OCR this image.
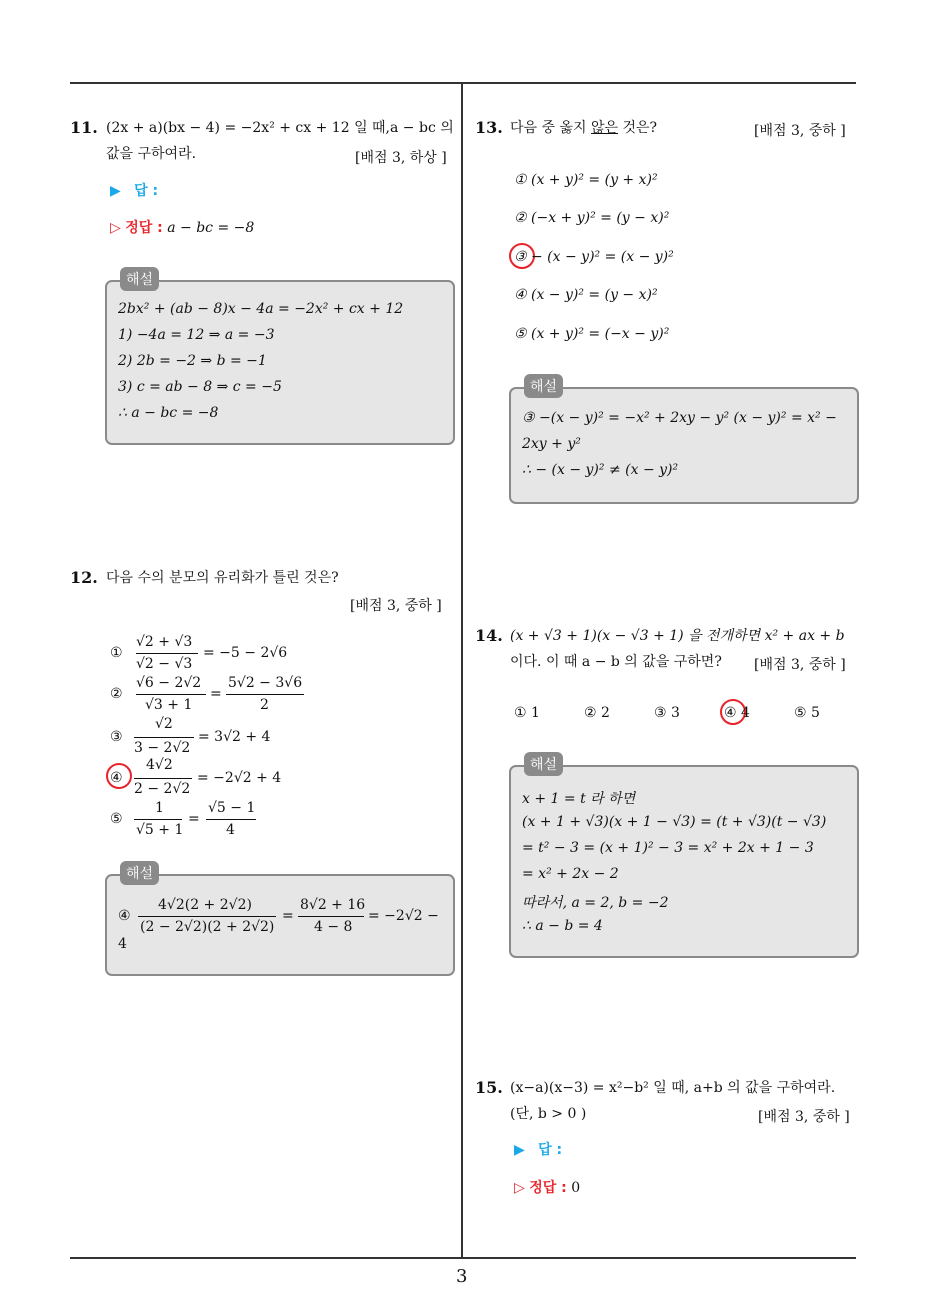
3
11. (2x + a)(bx − 4) = −2x² + cx + 12 일 때,a − bc 의
값을 구하여라.	[배점 3, 하상 ]
▶ 답 :
▷ 정답 : a − bc = −8
해설
2bx² + (ab − 8)x − 4a = −2x² + cx + 12
1) −4a = 12 ⇒ a = −3
2) 2b = −2 ⇒ b = −1
3) c = ab − 8 ⇒ c = −5
∴ a − bc = −8
12. 다음 수의 분모의 유리화가 틀린 것은?
[배점 3, 중하 ]
①
√2 + √3
√2 − √3
= −5 − 2√6
②
√6 − 2√2
√3 + 1
=
5√2 − 3√6
2
③
√2
3 − 2√2
= 3√2 + 4
④
4√2
2 − 2√2
= −2√2 + 4
⑤
1
√5 + 1
=
√5 − 1
4
해설
④
4√2(2 + 2√2)
(2 − 2√2)(2 + 2√2)
=
8√2 + 16
4 − 8
= −2√2 −
4
13. 다음 중 옳지 않은 것은?	[배점 3, 중하 ]
① (x + y)² = (y + x)²
② (−x + y)² = (y − x)²
③ − (x − y)² = (x − y)²
④ (x − y)² = (y − x)²
⑤ (x + y)² = (−x − y)²
해설
③ −(x − y)² = −x² + 2xy − y² (x − y)² = x² −
2xy + y²
∴ − (x − y)² ≠ (x − y)²
14. (x + √3 + 1)(x − √3 + 1) 을 전개하면 x² + ax + b
이다. 이 때 a − b 의 값을 구하면? [배점 3, 중하 ]
① 1	② 2	③ 3	④ 4	⑤ 5
해설
x + 1 = t 라 하면
(x + 1 + √3)(x + 1 − √3) = (t + √3)(t − √3)
= t² − 3 = (x + 1)² − 3 = x² + 2x + 1 − 3
= x² + 2x − 2
따라서, a = 2, b = −2
∴ a − b = 4
15. (x−a)(x−3) = x²−b² 일 때, a+b 의 값을 구하여라.
(단, b > 0 )	[배점 3, 중하 ]
▶ 답 :
▷ 정답 : 0
